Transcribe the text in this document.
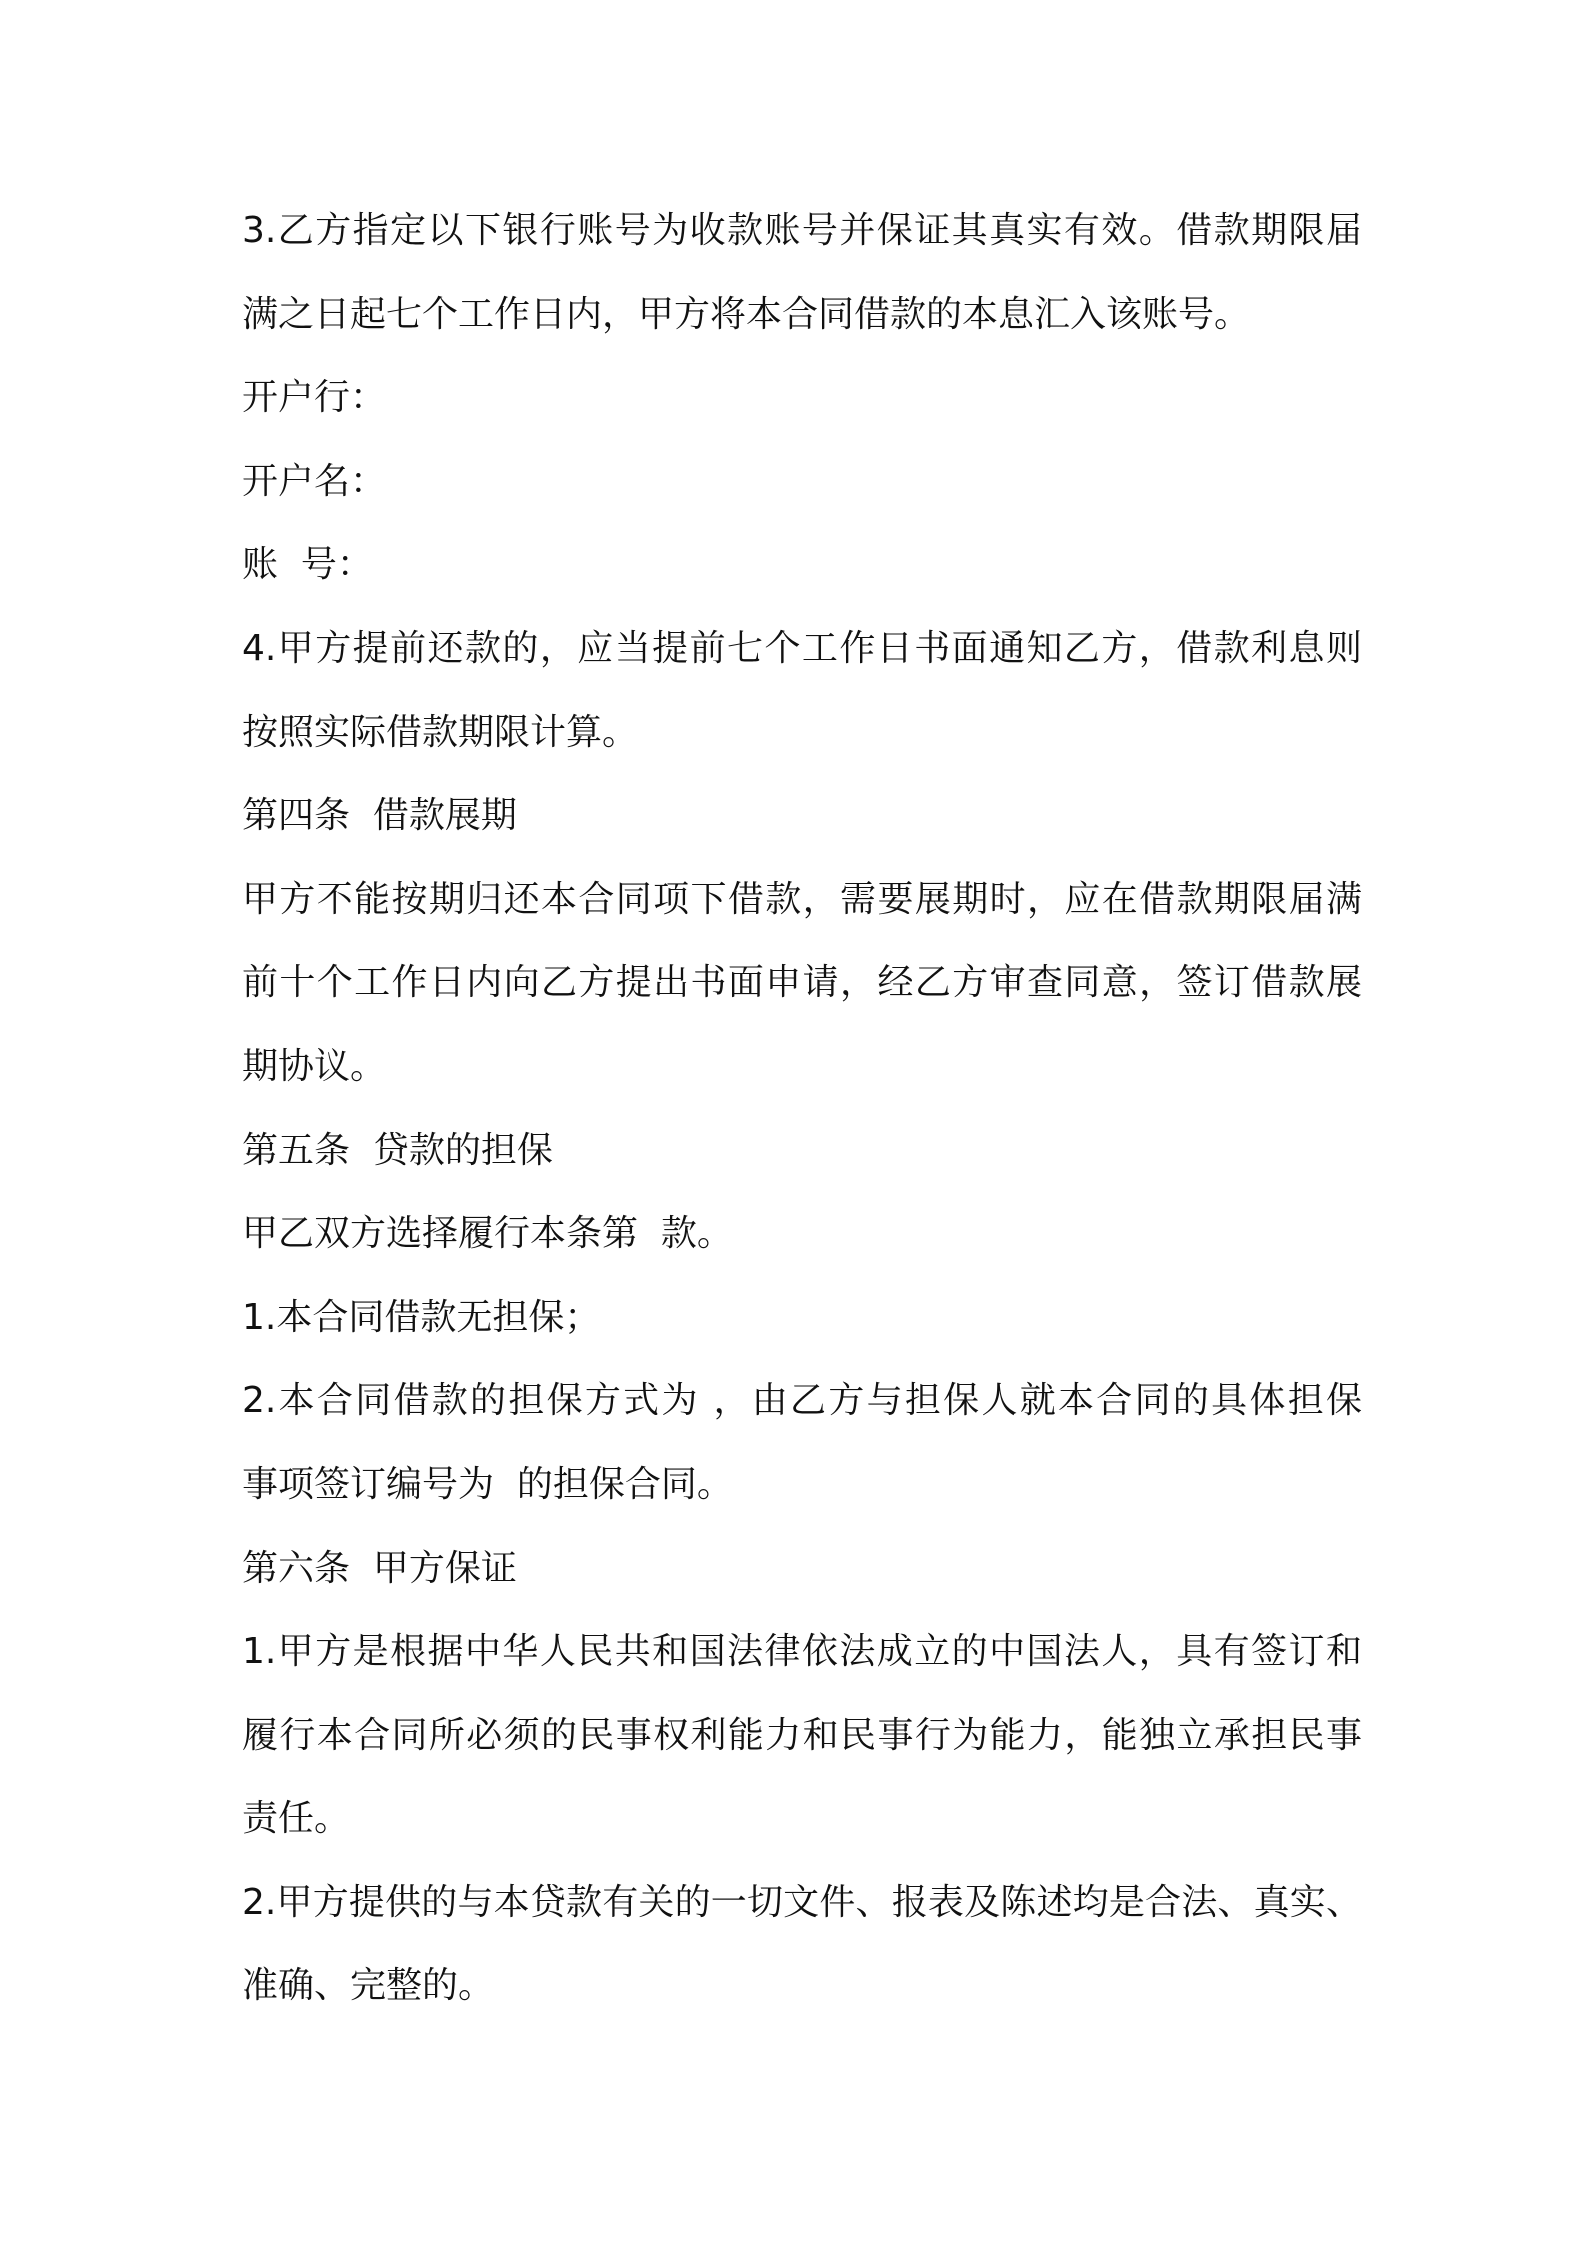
3.乙方指定以下银行账号为收款账号并保证其真实有效。借款期限届
满之日起七个工作日内，甲方将本合同借款的本息汇入该账号。
开户行：
开户名：
账  号：
4.甲方提前还款的，应当提前七个工作日书面通知乙方，借款利息则
按照实际借款期限计算。
第四条  借款展期
甲方不能按期归还本合同项下借款，需要展期时，应在借款期限届满
前十个工作日内向乙方提出书面申请，经乙方审查同意，签订借款展
期协议。
第五条  贷款的担保
甲乙双方选择履行本条第  款。
1.本合同借款无担保；
2.本合同借款的担保方式为 ，由乙方与担保人就本合同的具体担保
事项签订编号为  的担保合同。
第六条  甲方保证
1.甲方是根据中华人民共和国法律依法成立的中国法人，具有签订和
履行本合同所必须的民事权利能力和民事行为能力，能独立承担民事
责任。
2.甲方提供的与本贷款有关的一切文件、报表及陈述均是合法、真实、
准确、完整的。
